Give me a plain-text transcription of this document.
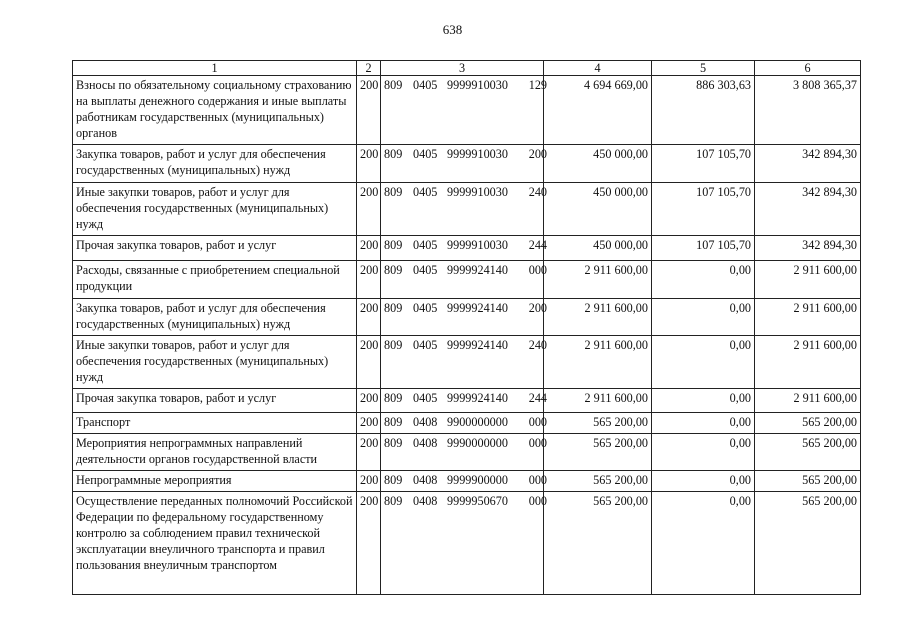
638
1	2	3	4	5	6
Взносы по обязательному социальному страхованию на выплаты денежного содержания и иные выплаты работникам государственных (муниципальных) органов	200	809 0405 9999910030 129	4 694 669,00	886 303,63	3 808 365,37
Закупка товаров, работ и услуг для обеспечения государственных (муниципальных) нужд	200	809 0405 9999910030 200	450 000,00	107 105,70	342 894,30
Иные закупки товаров, работ и услуг для обеспечения государственных (муниципальных) нужд	200	809 0405 9999910030 240	450 000,00	107 105,70	342 894,30
Прочая закупка товаров, работ и услуг	200	809 0405 9999910030 244	450 000,00	107 105,70	342 894,30
Расходы, связанные с приобретением специальной продукции	200	809 0405 9999924140 000	2 911 600,00	0,00	2 911 600,00
Закупка товаров, работ и услуг для обеспечения государственных (муниципальных) нужд	200	809 0405 9999924140 200	2 911 600,00	0,00	2 911 600,00
Иные закупки товаров, работ и услуг для обеспечения государственных (муниципальных) нужд	200	809 0405 9999924140 240	2 911 600,00	0,00	2 911 600,00
Прочая закупка товаров, работ и услуг	200	809 0405 9999924140 244	2 911 600,00	0,00	2 911 600,00
Транспорт	200	809 0408 9900000000 000	565 200,00	0,00	565 200,00
Мероприятия непрограммных направлений деятельности органов государственной власти	200	809 0408 9990000000 000	565 200,00	0,00	565 200,00
Непрограммные мероприятия	200	809 0408 9999900000 000	565 200,00	0,00	565 200,00
Осуществление переданных полномочий Российской Федерации по федеральному государственному контролю за соблюдением правил технической эксплуатации внеуличного транспорта и правил пользования внеуличным транспортом	200	809 0408 9999950670 000	565 200,00	0,00	565 200,00
